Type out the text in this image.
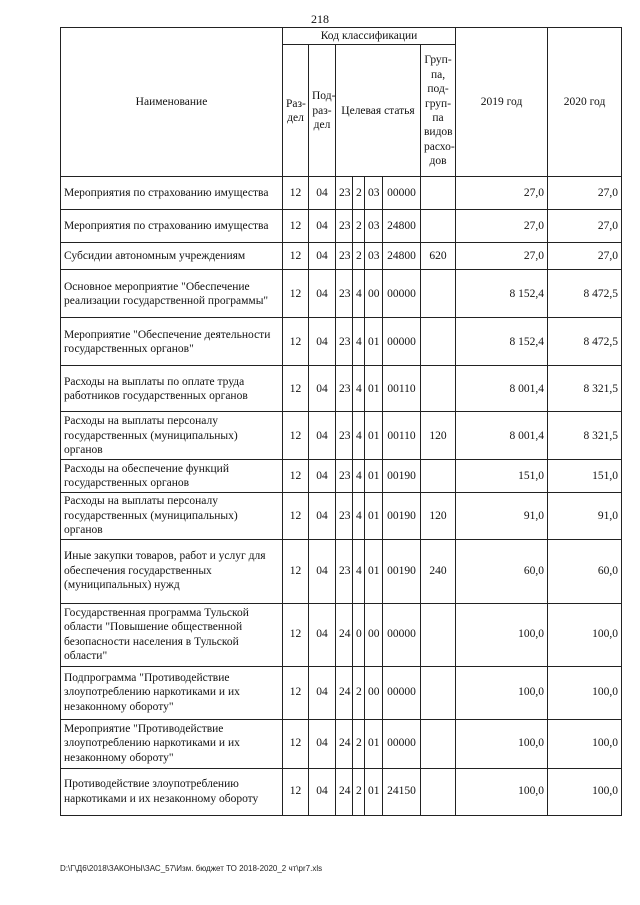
218
Наименование	Код классификации							2019 год	2020 год
	Раз- дел	Под- раз- дел	Целевая статья				Груп- па, под- груп- па видов расхо- дов		
Мероприятия по страхованию имущества	12	04	23	2	03	00000		27,0	27,0
Мероприятия по страхованию имущества	12	04	23	2	03	24800		27,0	27,0
Субсидии автономным учреждениям	12	04	23	2	03	24800	620	27,0	27,0
Основное мероприятие "Обеспечение реализации государственной программы"	12	04	23	4	00	00000		8 152,4	8 472,5
Мероприятие "Обеспечение деятельности государственных органов"	12	04	23	4	01	00000		8 152,4	8 472,5
Расходы на выплаты по оплате труда работников государственных органов	12	04	23	4	01	00110		8 001,4	8 321,5
Расходы на выплаты персоналу государственных (муниципальных) органов	12	04	23	4	01	00110	120	8 001,4	8 321,5
Расходы на обеспечение функций государственных органов	12	04	23	4	01	00190		151,0	151,0
Расходы на выплаты персоналу государственных (муниципальных) органов	12	04	23	4	01	00190	120	91,0	91,0
Иные закупки товаров, работ и услуг для обеспечения государственных (муниципальных) нужд	12	04	23	4	01	00190	240	60,0	60,0
Государственная программа Тульской области "Повышение общественной безопасности населения в Тульской области"	12	04	24	0	00	00000		100,0	100,0
Подпрограмма "Противодействие злоупотреблению наркотиками и их незаконному обороту"	12	04	24	2	00	00000		100,0	100,0
Мероприятие "Противодействие злоупотреблению наркотиками и их незаконному обороту"	12	04	24	2	01	00000		100,0	100,0
Противодействие злоупотреблению наркотиками и их незаконному обороту	12	04	24	2	01	24150		100,0	100,0
D:\Г\Д6\2018\ЗАКОНЫ\ЗАС_57\Изм. бюджет ТО 2018-2020_2 чт\pr7.xls
